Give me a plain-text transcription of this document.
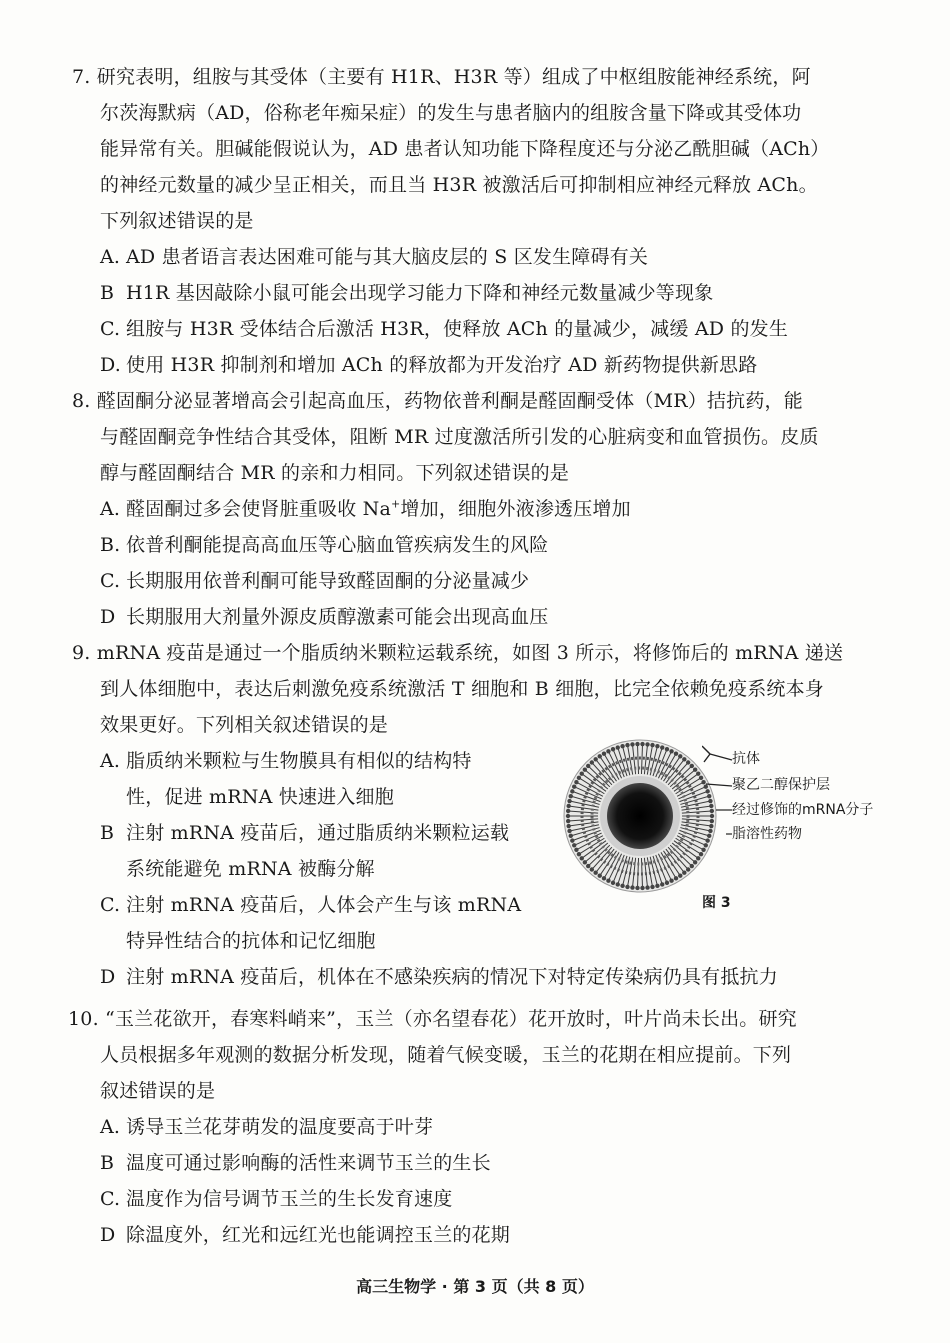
7. 研究表明，组胺与其受体（主要有 H1R、H3R 等）组成了中枢组胺能神经系统，阿
尔茨海默病（AD，俗称老年痴呆症）的发生与患者脑内的组胺含量下降或其受体功
能异常有关。胆碱能假说认为，AD 患者认知功能下降程度还与分泌乙酰胆碱（ACh）
的神经元数量的减少呈正相关，而且当 H3R 被激活后可抑制相应神经元释放 ACh。
下列叙述错误的是
A. AD 患者语言表达困难可能与其大脑皮层的 S 区发生障碍有关
B H1R 基因敲除小鼠可能会出现学习能力下降和神经元数量减少等现象
C. 组胺与 H3R 受体结合后激活 H3R，使释放 ACh 的量减少，减缓 AD 的发生
D. 使用 H3R 抑制剂和增加 ACh 的释放都为开发治疗 AD 新药物提供新思路
8. 醛固酮分泌显著增高会引起高血压，药物依普利酮是醛固酮受体（MR）拮抗药，能
与醛固酮竞争性结合其受体，阻断 MR 过度激活所引发的心脏病变和血管损伤。皮质
醇与醛固酮结合 MR 的亲和力相同。下列叙述错误的是
A. 醛固酮过多会使肾脏重吸收 Na+增加，细胞外液渗透压增加
B. 依普利酮能提高高血压等心脑血管疾病发生的风险
C. 长期服用依普利酮可能导致醛固酮的分泌量减少
D 长期服用大剂量外源皮质醇激素可能会出现高血压
9. mRNA 疫苗是通过一个脂质纳米颗粒运载系统，如图 3 所示，将修饰后的 mRNA 递送
到人体细胞中，表达后刺激免疫系统激活 T 细胞和 B 细胞，比完全依赖免疫系统本身
效果更好。下列相关叙述错误的是
A. 脂质纳米颗粒与生物膜具有相似的结构特
性，促进 mRNA 快速进入细胞
B 注射 mRNA 疫苗后，通过脂质纳米颗粒运载
系统能避免 mRNA 被酶分解
C. 注射 mRNA 疫苗后，人体会产生与该 mRNA
特异性结合的抗体和记忆细胞
D 注射 mRNA 疫苗后，机体在不感染疾病的情况下对特定传染病仍具有抵抗力
抗体
聚乙二醇保护层
经过修饰的mRNA分子
脂溶性药物
图 3
10. “玉兰花欲开，春寒料峭来”，玉兰（亦名望春花）花开放时，叶片尚未长出。研究
人员根据多年观测的数据分析发现，随着气候变暖，玉兰的花期在相应提前。下列
叙述错误的是
A. 诱导玉兰花芽萌发的温度要高于叶芽
B 温度可通过影响酶的活性来调节玉兰的生长
C. 温度作为信号调节玉兰的生长发育速度
D 除温度外，红光和远红光也能调控玉兰的花期
高三生物学 · 第 3 页（共 8 页）
